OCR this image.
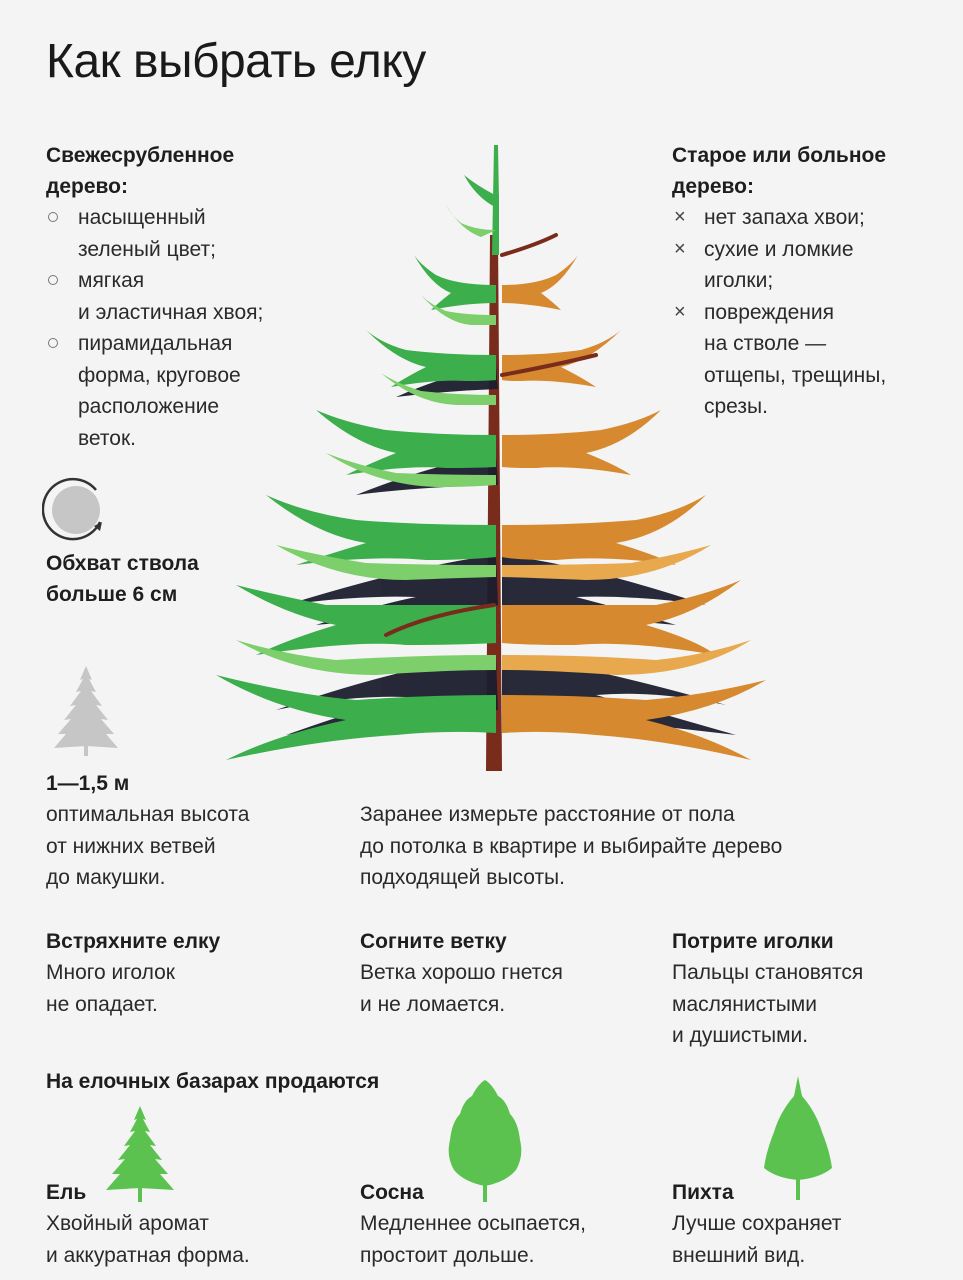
Как выбрать елку
Свежесрубленное
дерево:
насыщенный
зеленый цвет;
мягкая
и эластичная хвоя;
пирамидальная
форма, круговое
расположение
веток.
Старое или больное
дерево:
× нет запаха хвои;
× сухие и ломкие
иголки;
× повреждения
на стволе —
отщепы, трещины,
срезы.
Обхват ствола
больше 6 см
1—1,5 м
оптимальная высота
от нижних ветвей
до макушки.
Заранее измерьте расстояние от пола
до потолка в квартире и выбирайте дерево
подходящей высоты.
Встряхните елку
Много иголок
не опадает.
Согните ветку
Ветка хорошо гнется
и не ломается.
Потрите иголки
Пальцы становятся
маслянистыми
и душистыми.
На елочных базарах продаются
Ель
Хвойный аромат
и аккуратная форма.
Сосна
Медленнее осыпается,
простоит дольше.
Пихта
Лучше сохраняет
внешний вид.
